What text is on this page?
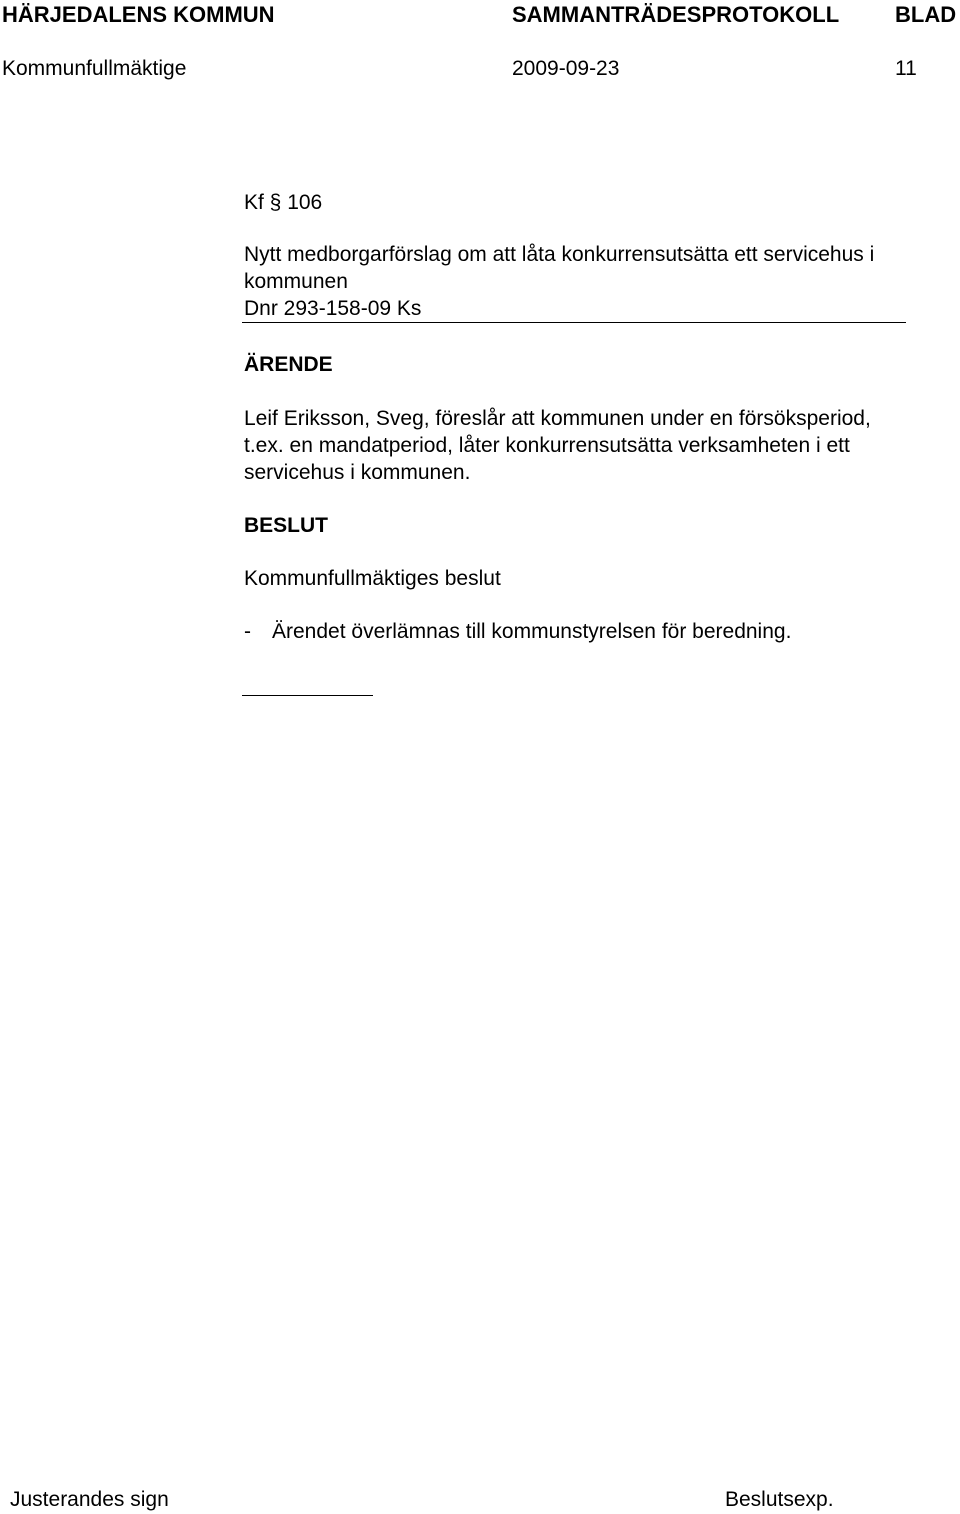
HÄRJEDALENS KOMMUN	SAMMANTRÄDESPROTOKOLL	BLAD
Kommunfullmäktige	2009-09-23	11
Kf § 106
Nytt medborgarförslag om att låta konkurrensutsätta ett servicehus i
kommunen
Dnr 293-158-09 Ks
ÄRENDE
Leif Eriksson, Sveg, föreslår att kommunen under en försöksperiod,
t.ex. en mandatperiod, låter konkurrensutsätta verksamheten i ett
servicehus i kommunen.
BESLUT
Kommunfullmäktiges beslut
- Ärendet överlämnas till kommunstyrelsen för beredning.
Justerandes sign	Beslutsexp.
